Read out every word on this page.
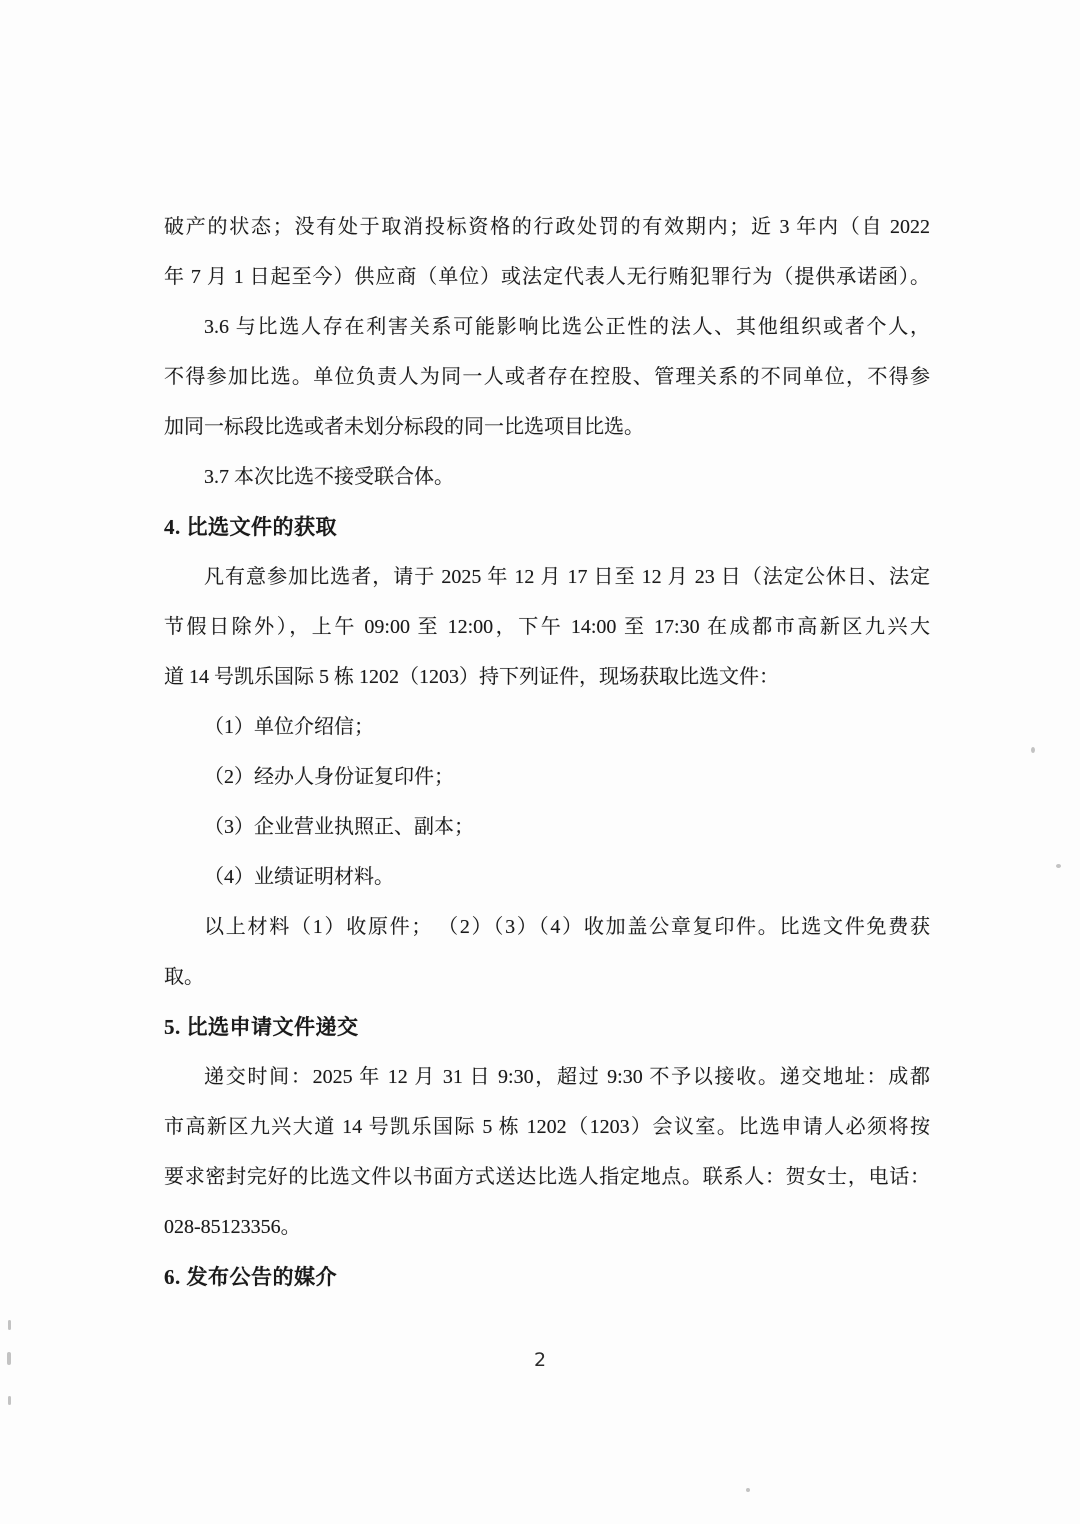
破产的状态；没有处于取消投标资格的行政处罚的有效期内；近 3 年内（自 2022
年 7 月 1 日起至今）供应商（单位）或法定代表人无行贿犯罪行为（提供承诺函）。
3.6 与比选人存在利害关系可能影响比选公正性的法人、其他组织或者个人，
不得参加比选。单位负责人为同一人或者存在控股、管理关系的不同单位，不得参
加同一标段比选或者未划分标段的同一比选项目比选。
3.7 本次比选不接受联合体。
4. 比选文件的获取
凡有意参加比选者，请于 2025 年 12 月 17 日至 12 月 23 日（法定公休日、法定
节假日除外），上午 09:00 至 12:00，下午 14:00 至 17:30 在成都市高新区九兴大
道 14 号凯乐国际 5 栋 1202（1203）持下列证件，现场获取比选文件：
（1）单位介绍信；
（2）经办人身份证复印件；
（3）企业营业执照正、副本；
（4）业绩证明材料。
以上材料（1）收原件； （2）（3）（4）收加盖公章复印件。比选文件免费获
取。
5. 比选申请文件递交
递交时间：2025 年 12 月 31 日 9:30，超过 9:30 不予以接收。递交地址：成都
市高新区九兴大道 14 号凯乐国际 5 栋 1202（1203）会议室。比选申请人必须将按
要求密封完好的比选文件以书面方式送达比选人指定地点。联系人：贺女士，电话：
028-85123356。
6. 发布公告的媒介
2
